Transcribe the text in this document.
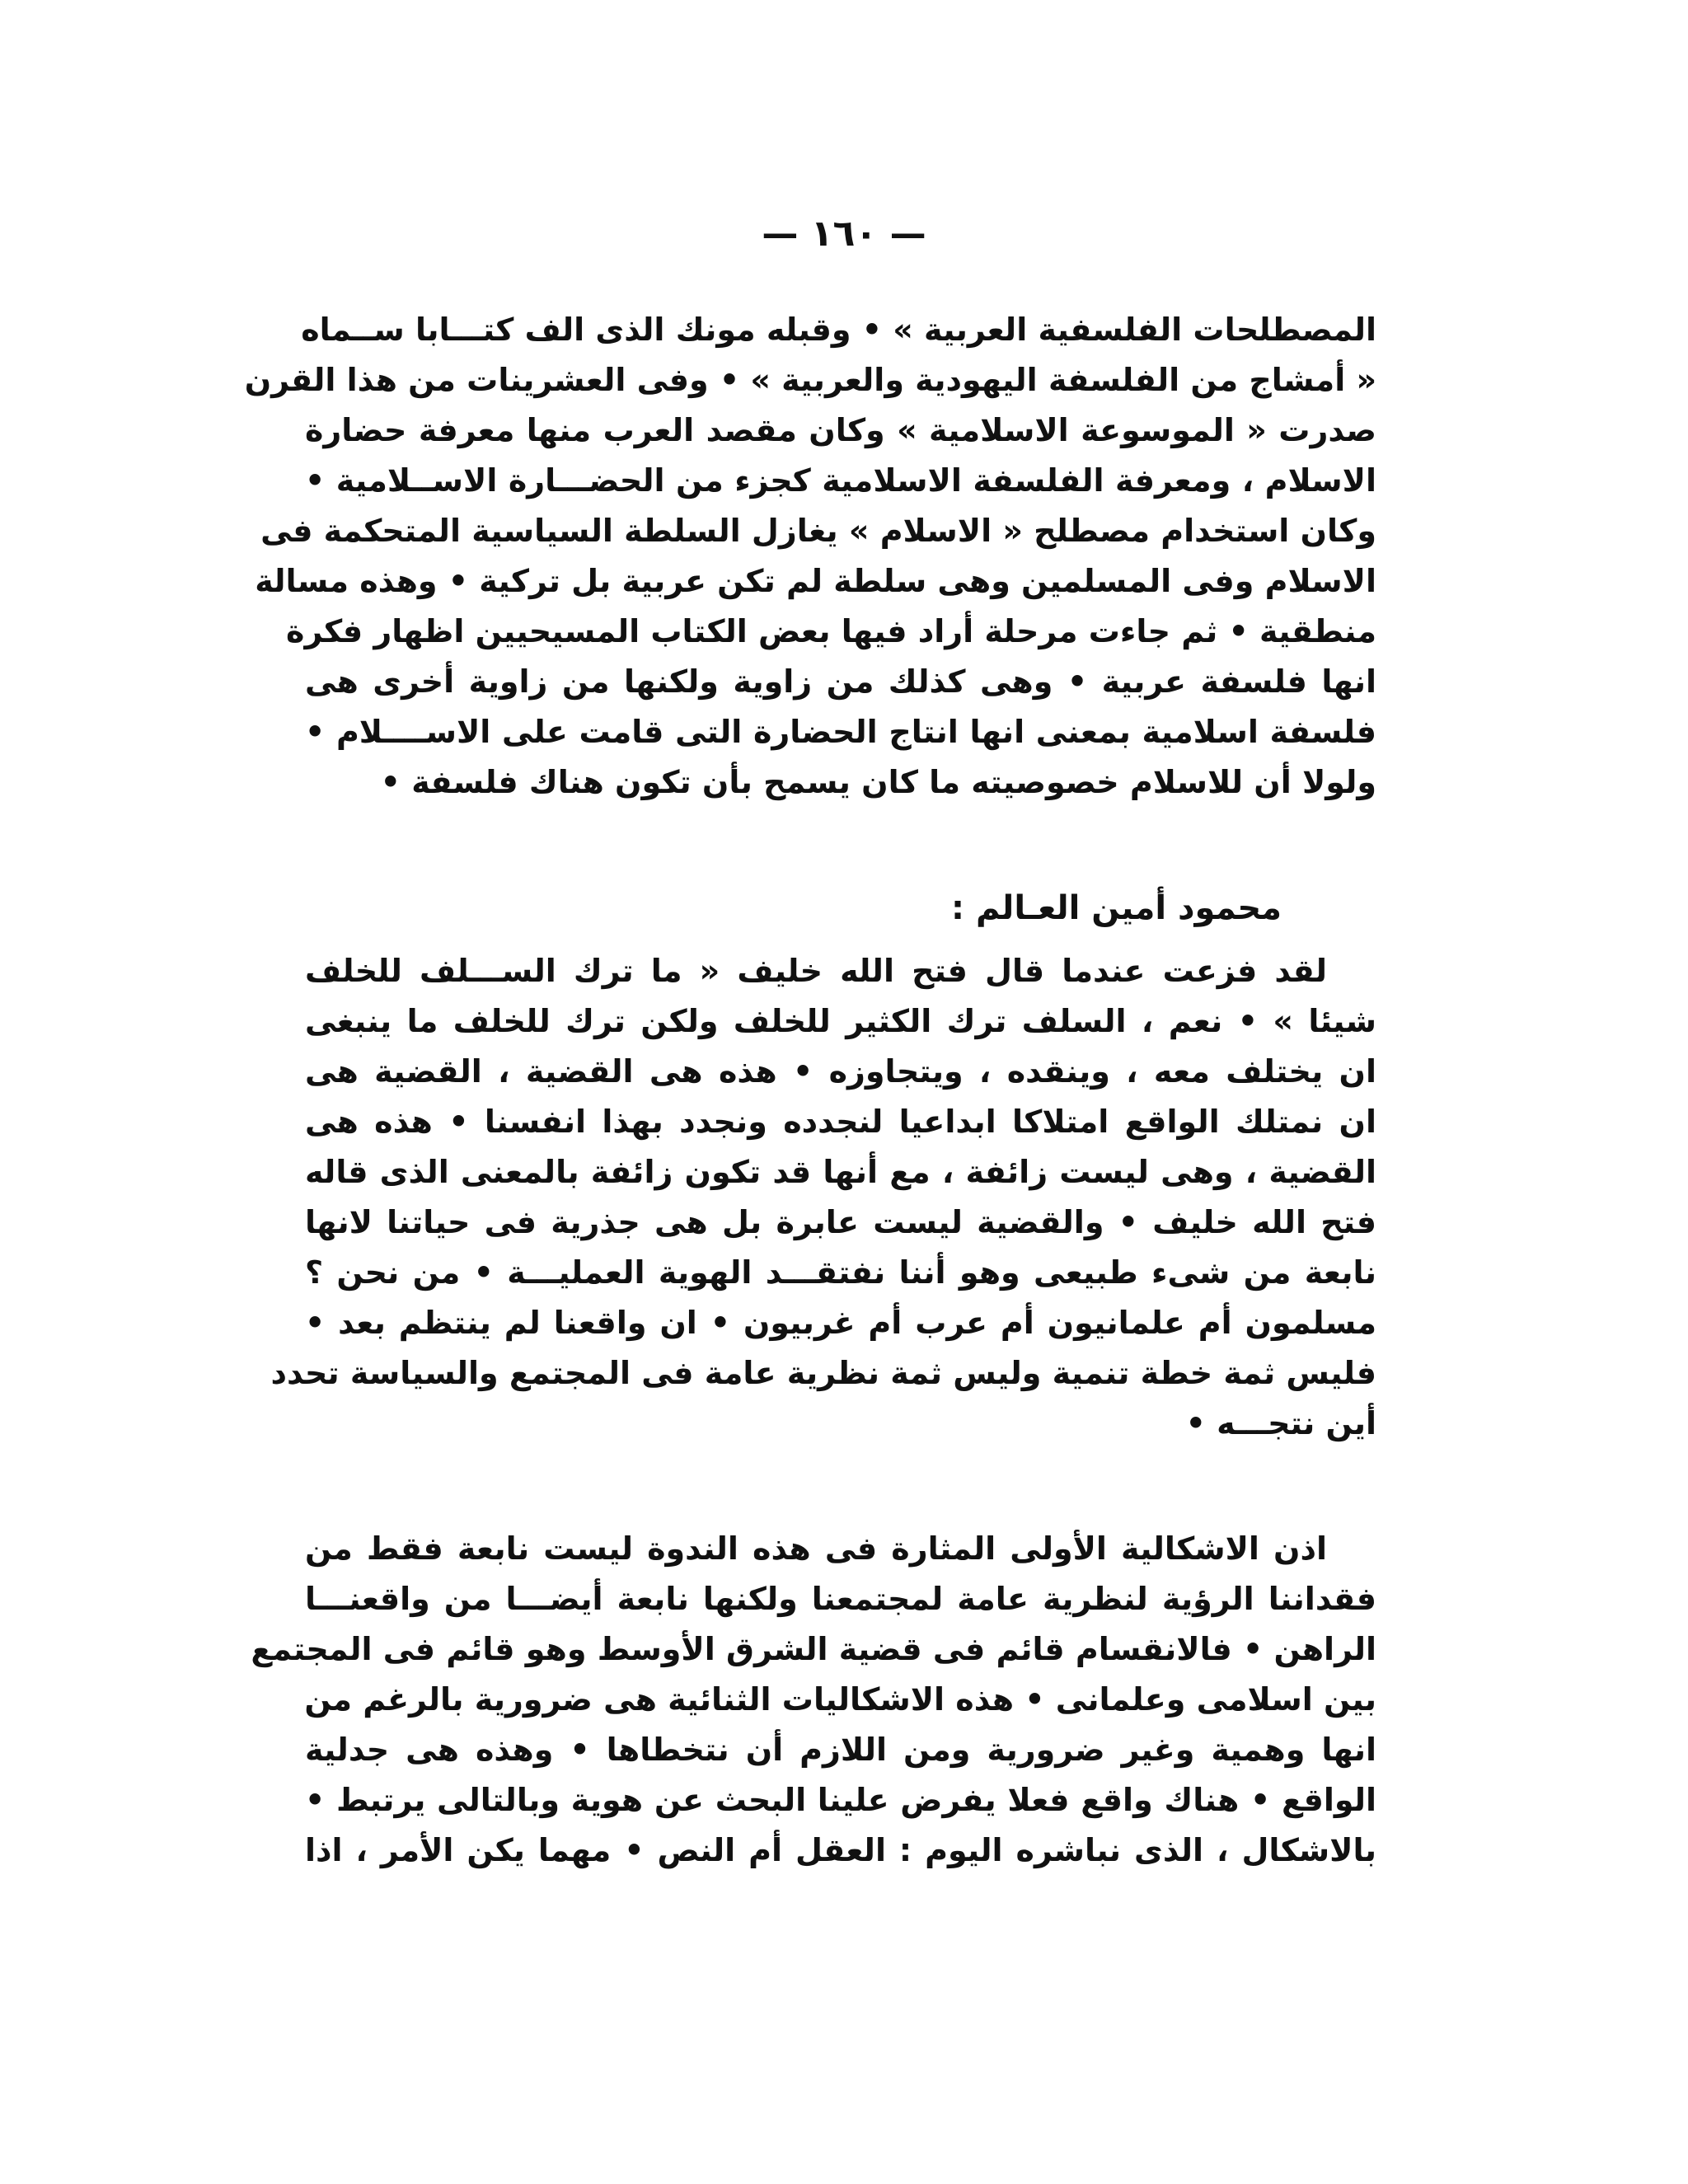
— ١٦٠ —
المصطلحات الفلسفية العربية » • وقبله مونك الذى الف كتـــابا ســماه
« أمشاج من الفلسفة اليهودية والعربية » • وفى العشرينات من هذا القرن
صدرت « الموسوعة الاسلامية » وكان مقصد العرب منها معرفة حضارة
الاسلام ، ومعرفة الفلسفة الاسلامية كجزء من الحضـــارة الاســلامية •
وكان استخدام مصطلح « الاسلام » يغازل السلطة السياسية المتحكمة فى
الاسلام وفى المسلمين وهى سلطة لم تكن عربية بل تركية • وهذه مسالة
منطقية • ثم جاءت مرحلة أراد فيها بعض الكتاب المسيحيين اظهار فكرة
انها فلسفة عربية • وهى كذلك من زاوية ولكنها من زاوية أخرى هى
فلسفة اسلامية بمعنى انها انتاج الحضارة التى قامت على الاســــلام •
ولولا أن للاسلام خصوصيته ما كان يسمح بأن تكون هناك فلسفة •
محمود أمين العـالم :
لقد فزعت عندما قال فتح الله خليف « ما ترك الســـلف للخلف
شيئا » • نعم ، السلف ترك الكثير للخلف ولكن ترك للخلف ما ينبغى
ان يختلف معه ، وينقده ، ويتجاوزه • هذه هى القضية ، القضية هى
ان نمتلك الواقع امتلاكا ابداعيا لنجدده ونجدد بهذا انفسنا • هذه هى
القضية ، وهى ليست زائفة ، مع أنها قد تكون زائفة بالمعنى الذى قاله
فتح الله خليف • والقضية ليست عابرة بل هى جذرية فى حياتنا لانها
نابعة من شىء طبيعى وهو أننا نفتقـــد الهوية العمليـــة • من نحن ؟
مسلمون أم علمانيون أم عرب أم غربيون • ان واقعنا لم ينتظم بعد •
فليس ثمة خطة تنمية وليس ثمة نظرية عامة فى المجتمع والسياسة تحدد
أين نتجـــه •
اذن الاشكالية الأولى المثارة فى هذه الندوة ليست نابعة فقط من
فقداننا الرؤية لنظرية عامة لمجتمعنا ولكنها نابعة أيضـــا من واقعنـــا
الراهن • فالانقسام قائم فى قضية الشرق الأوسط وهو قائم فى المجتمع
بين اسلامى وعلمانى • هذه الاشكاليات الثنائية هى ضرورية بالرغم من
انها وهمية وغير ضرورية ومن اللازم أن نتخطاها • وهذه هى جدلية
الواقع • هناك واقع فعلا يفرض علينا البحث عن هوية وبالتالى يرتبط •
بالاشكال ، الذى نباشره اليوم : العقل أم النص • مهما يكن الأمر ، اذا
